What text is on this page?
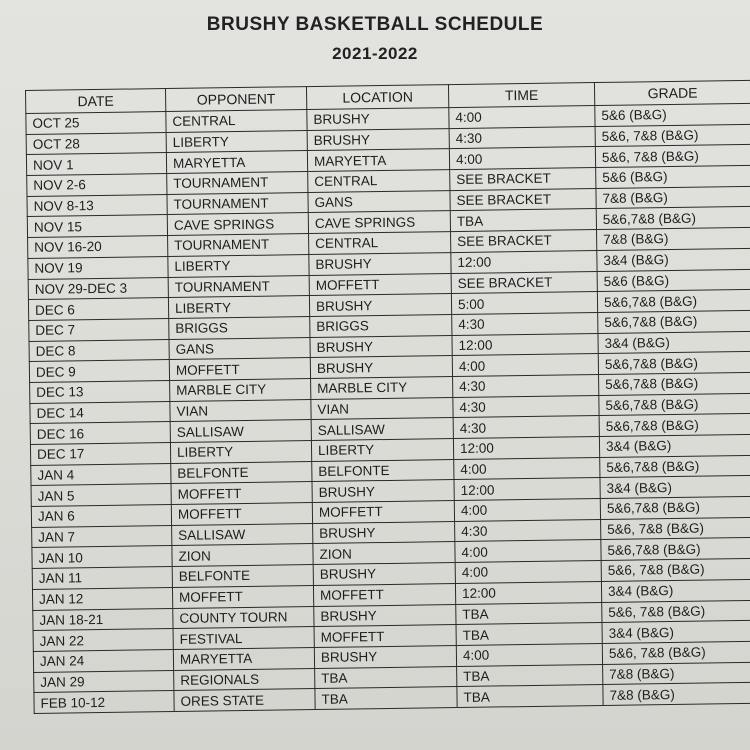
BRUSHY BASKETBALL SCHEDULE
2021-2022
DATE	OPPONENT	LOCATION	TIME	GRADE
OCT 25	CENTRAL	BRUSHY	4:00	5&6 (B&G)
OCT 28	LIBERTY	BRUSHY	4:30	5&6, 7&8 (B&G)
NOV 1	MARYETTA	MARYETTA	4:00	5&6, 7&8 (B&G)
NOV 2-6	TOURNAMENT	CENTRAL	SEE BRACKET	5&6 (B&G)
NOV 8-13	TOURNAMENT	GANS	SEE BRACKET	7&8 (B&G)
NOV 15	CAVE SPRINGS	CAVE SPRINGS	TBA	5&6,7&8 (B&G)
NOV 16-20	TOURNAMENT	CENTRAL	SEE BRACKET	7&8 (B&G)
NOV 19	LIBERTY	BRUSHY	12:00	3&4 (B&G)
NOV 29-DEC 3	TOURNAMENT	MOFFETT	SEE BRACKET	5&6 (B&G)
DEC 6	LIBERTY	BRUSHY	5:00	5&6,7&8 (B&G)
DEC 7	BRIGGS	BRIGGS	4:30	5&6,7&8 (B&G)
DEC 8	GANS	BRUSHY	12:00	3&4 (B&G)
DEC 9	MOFFETT	BRUSHY	4:00	5&6,7&8 (B&G)
DEC 13	MARBLE CITY	MARBLE CITY	4:30	5&6,7&8 (B&G)
DEC 14	VIAN	VIAN	4:30	5&6,7&8 (B&G)
DEC 16	SALLISAW	SALLISAW	4:30	5&6,7&8 (B&G)
DEC 17	LIBERTY	LIBERTY	12:00	3&4 (B&G)
JAN 4	BELFONTE	BELFONTE	4:00	5&6,7&8 (B&G)
JAN 5	MOFFETT	BRUSHY	12:00	3&4 (B&G)
JAN 6	MOFFETT	MOFFETT	4:00	5&6,7&8 (B&G)
JAN 7	SALLISAW	BRUSHY	4:30	5&6, 7&8 (B&G)
JAN 10	ZION	ZION	4:00	5&6,7&8 (B&G)
JAN 11	BELFONTE	BRUSHY	4:00	5&6, 7&8 (B&G)
JAN 12	MOFFETT	MOFFETT	12:00	3&4 (B&G)
JAN 18-21	COUNTY TOURN	BRUSHY	TBA	5&6, 7&8 (B&G)
JAN 22	FESTIVAL	MOFFETT	TBA	3&4 (B&G)
JAN 24	MARYETTA	BRUSHY	4:00	5&6, 7&8 (B&G)
JAN 29	REGIONALS	TBA	TBA	7&8 (B&G)
FEB 10-12	ORES STATE	TBA	TBA	7&8 (B&G)
